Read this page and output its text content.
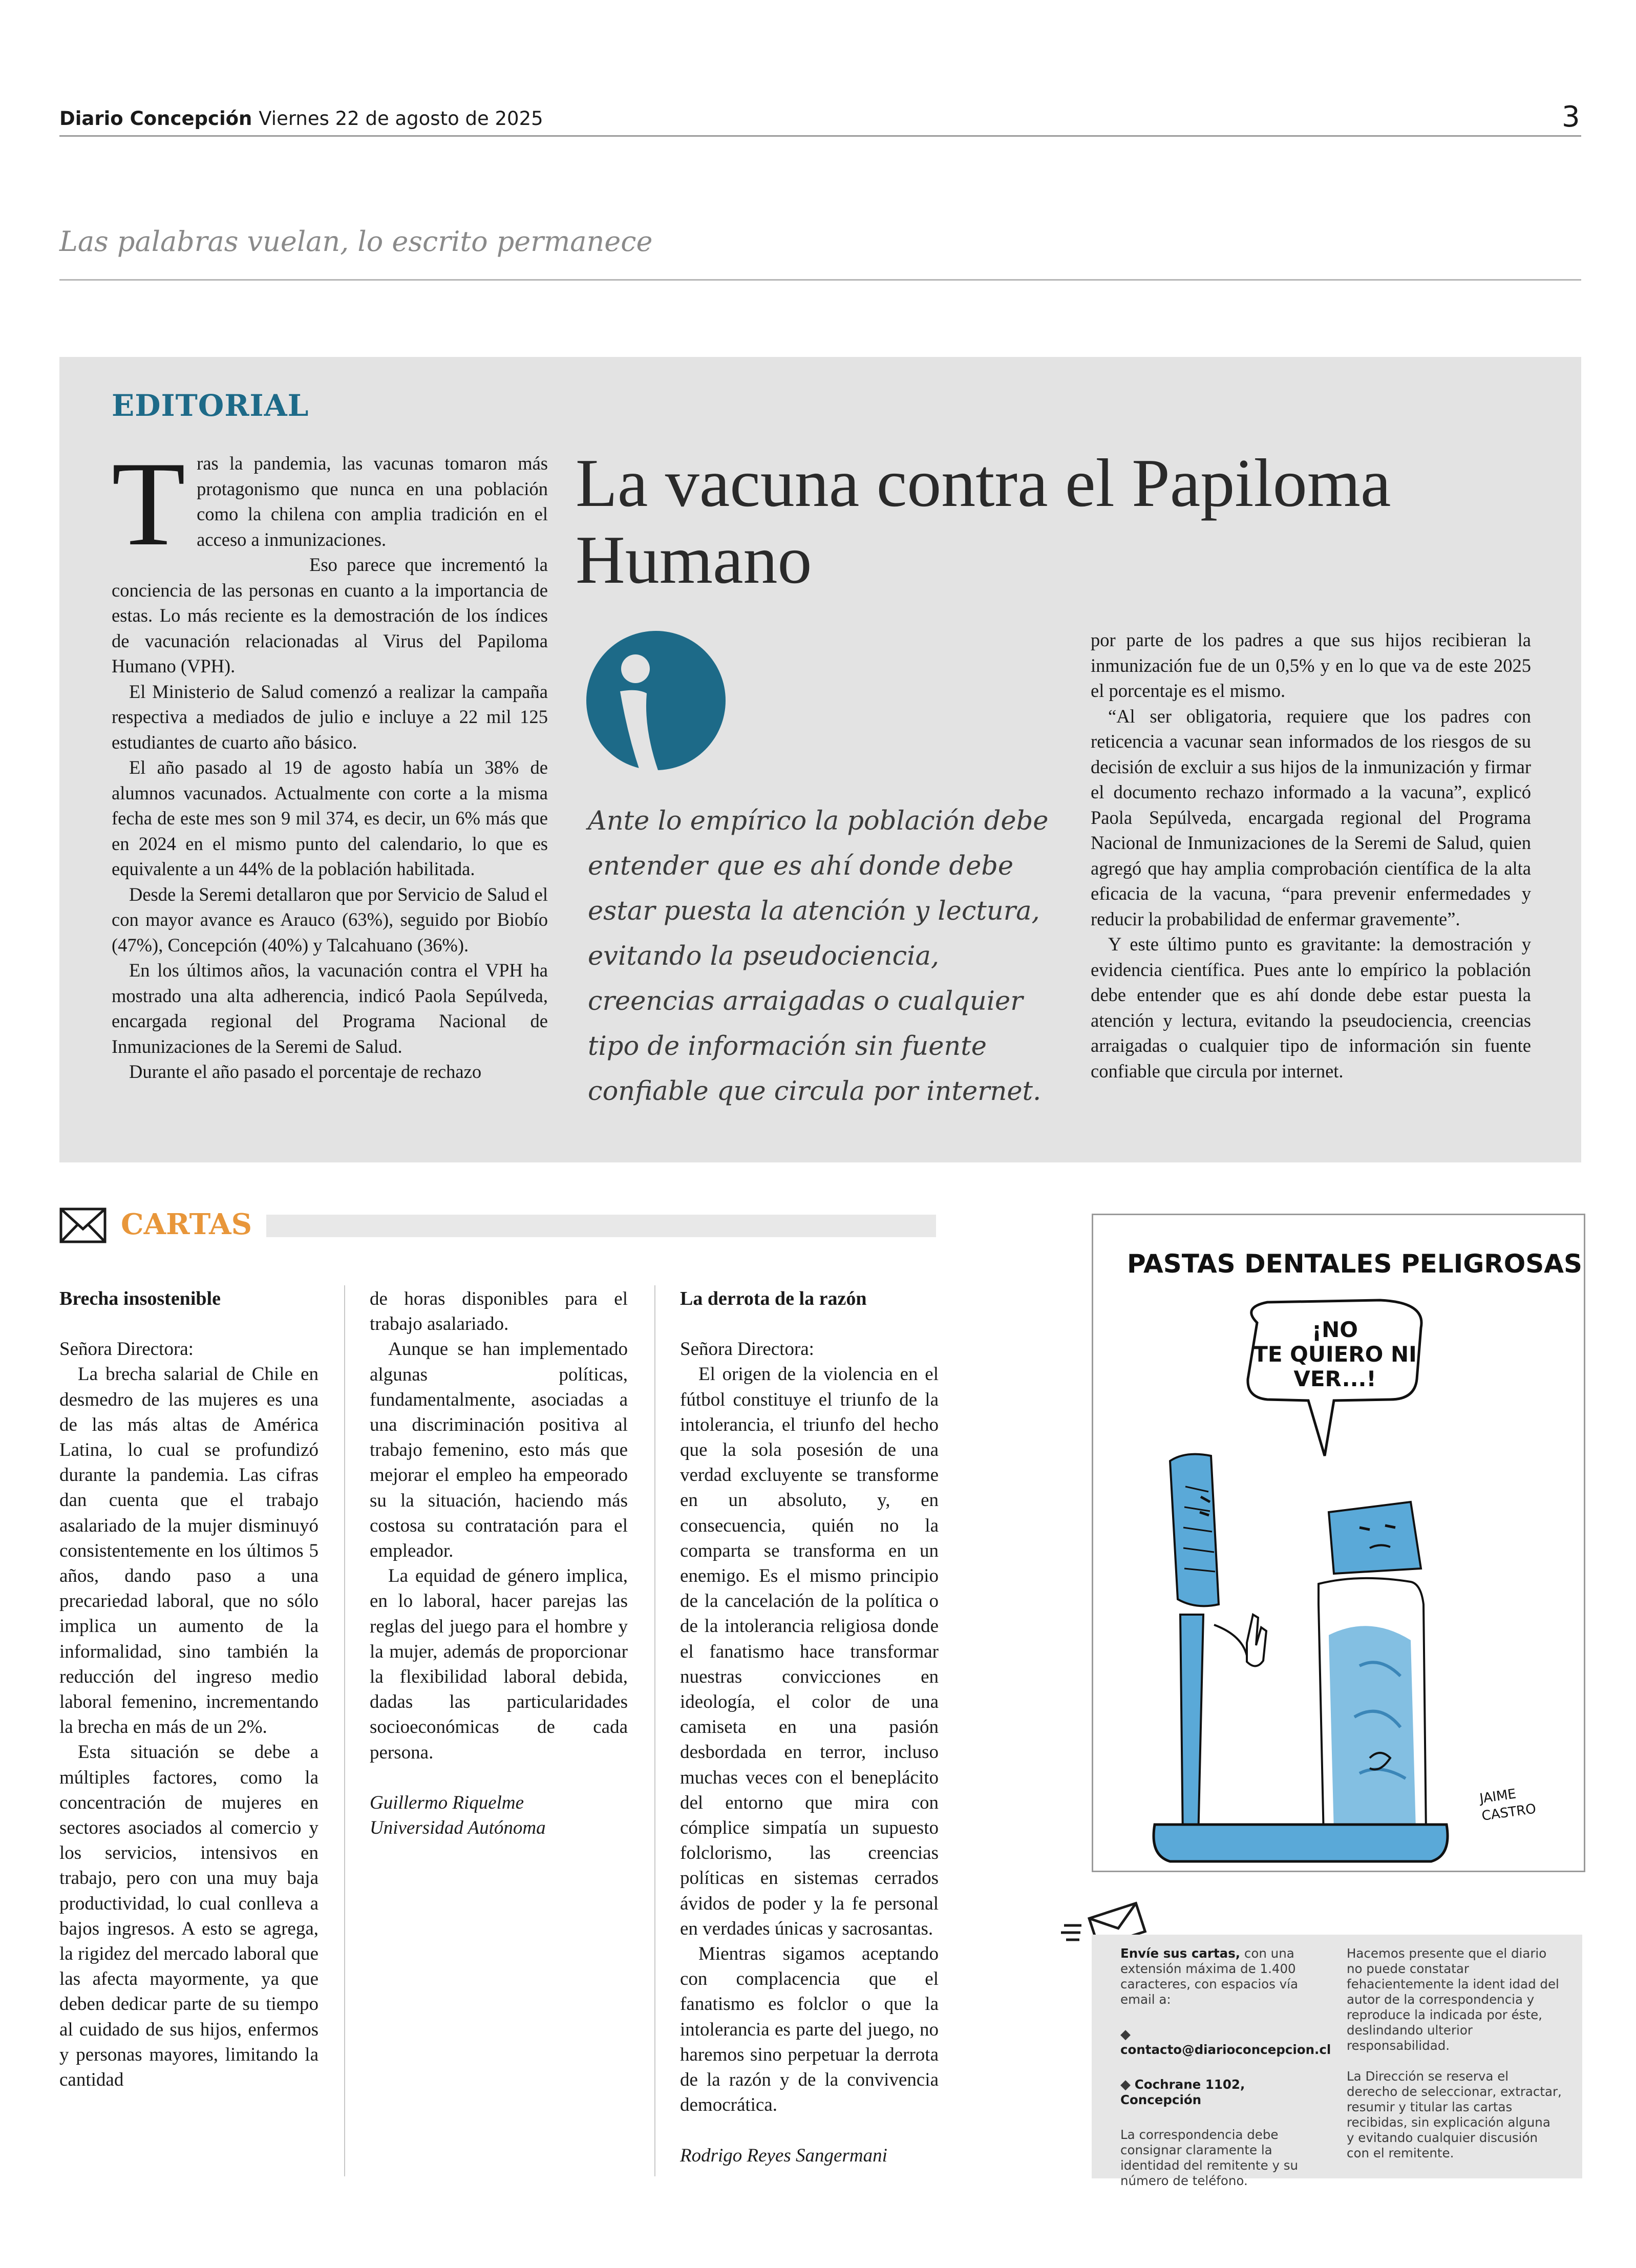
Diario Concepción Viernes 22 de agosto de 2025	3
Las palabras vuelan, lo escrito permanece
EDITORIAL
La vacuna contra el Papiloma Humano

Tras la pandemia, las vacunas tomaron más protagonismo que nunca en una población como la chilena con amplia tradición en el acceso a inmunizaciones.

Eso parece que incrementó la conciencia de las personas en cuanto a la importancia de estas. Lo más reciente es la demostración de los índices de vacunación relacionadas al Virus del Papiloma Humano (VPH).

El Ministerio de Salud comenzó a realizar la campaña respectiva a mediados de julio e incluye a 22 mil 125 estudiantes de cuarto año básico.

El año pasado al 19 de agosto había un 38% de alumnos vacunados. Actualmente con corte a la misma fecha de este mes son 9 mil 374, es decir, un 6% más que en 2024 en el mismo punto del calendario, lo que es equivalente a un 44% de la población habilitada.

Desde la Seremi detallaron que por Servicio de Salud el con mayor avance es Arauco (63%), seguido por Biobío (47%), Concepción (40%) y Talcahuano (36%).

En los últimos años, la vacunación contra el VPH ha mostrado una alta adherencia, indicó Paola Sepúlveda, encargada regional del Programa Nacional de Inmunizaciones de la Seremi de Salud.

Durante el año pasado el porcentaje de rechazo

Ante lo empírico la población debe entender que es ahí donde debe estar puesta la atención y lectura, evitando la pseudociencia, creencias arraigadas o cualquier tipo de información sin fuente confiable que circula por internet.

por parte de los padres a que sus hijos recibieran la inmunización fue de un 0,5% y en lo que va de este 2025 el porcentaje es el mismo.

“Al ser obligatoria, requiere que los padres con reticencia a vacunar sean informados de los riesgos de su decisión de excluir a sus hijos de la inmunización y firmar el documento rechazo informado a la vacuna”, explicó Paola Sepúlveda, encargada regional del Programa Nacional de Inmunizaciones de la Seremi de Salud, quien agregó que hay amplia comprobación científica de la alta eficacia de la vacuna, “para prevenir enfermedades y reducir la probabilidad de enfermar gravemente”.

Y este último punto es gravitante: la demostración y evidencia científica. Pues ante lo empírico la población debe entender que es ahí donde debe estar puesta la atención y lectura, evitando la pseudociencia, creencias arraigadas o cualquier tipo de información sin fuente confiable que circula por internet.

CARTAS

Brecha insostenible

Señora Directora:

La brecha salarial de Chile en desmedro de las mujeres es una de las más altas de América Latina, lo cual se profundizó durante la pandemia. Las cifras dan cuenta que el trabajo asalariado de la mujer disminuyó consistentemente en los últimos 5 años, dando paso a una precariedad laboral, que no sólo implica un aumento de la informalidad, sino también la reducción del ingreso medio laboral femenino, incrementando la brecha en más de un 2%.

Esta situación se debe a múltiples factores, como la concentración de mujeres en sectores asociados al comercio y los servicios, intensivos en trabajo, pero con una muy baja productividad, lo cual conlleva a bajos ingresos. A esto se agrega, la rigidez del mercado laboral que las afecta mayormente, ya que deben dedicar parte de su tiempo al cuidado de sus hijos, enfermos y personas mayores, limitando la cantidad

de horas disponibles para el trabajo asalariado.

Aunque se han implementado algunas políticas, fundamentalmente, asociadas a una discriminación positiva al trabajo femenino, esto más que mejorar el empleo ha empeorado su la situación, haciendo más costosa su contratación para el empleador.

La equidad de género implica, en lo laboral, hacer parejas las reglas del juego para el hombre y la mujer, además de proporcionar la flexibilidad laboral debida, dadas las particularidades socioeconómicas de cada persona.

Guillermo Riquelme

Universidad Autónoma

La derrota de la razón

Señora Directora:

El origen de la violencia en el fútbol constituye el triunfo de la intolerancia, el triunfo del hecho que la sola posesión de una verdad excluyente se transforme en un absoluto, y, en consecuencia, quién no la comparta se transforma en un enemigo. Es el mismo principio de la cancelación de la política o de la intolerancia religiosa donde el fanatismo hace transformar nuestras convicciones en ideología, el color de una camiseta en una pasión desbordada en terror, incluso muchas veces con el beneplácito del entorno que mira con cómplice simpatía un supuesto folclorismo, las creencias políticas en sistemas cerrados ávidos de poder y la fe personal en verdades únicas y sacrosantas.

Mientras sigamos aceptando con complacencia que el fanatismo es folclor o que la intolerancia es parte del juego, no haremos sino perpetuar la derrota de la razón y de la convivencia democrática.

Rodrigo Reyes Sangermani

PASTAS DENTALES PELIGROSAS
¡NO
TE QUIERO NI
VER...!
JAIME
CASTRO
Envíe sus cartas, con una extensión máxima de 1.400 caracteres, con espacios vía email a:
◆ contacto@diarioconcepcion.cl
◆ Cochrane 1102, Concepción
La correspondencia debe consignar claramente la identidad del remitente y su número de teléfono.
Hacemos presente que el diario no puede constatar fehacientemente la ident idad del autor de la correspondencia y reproduce la indicada por éste, deslindando ulterior responsabilidad.
La Dirección se reserva el derecho de seleccionar, extractar, resumir y titular las cartas recibidas, sin explicación alguna y evitando cualquier discusión con el remitente.
